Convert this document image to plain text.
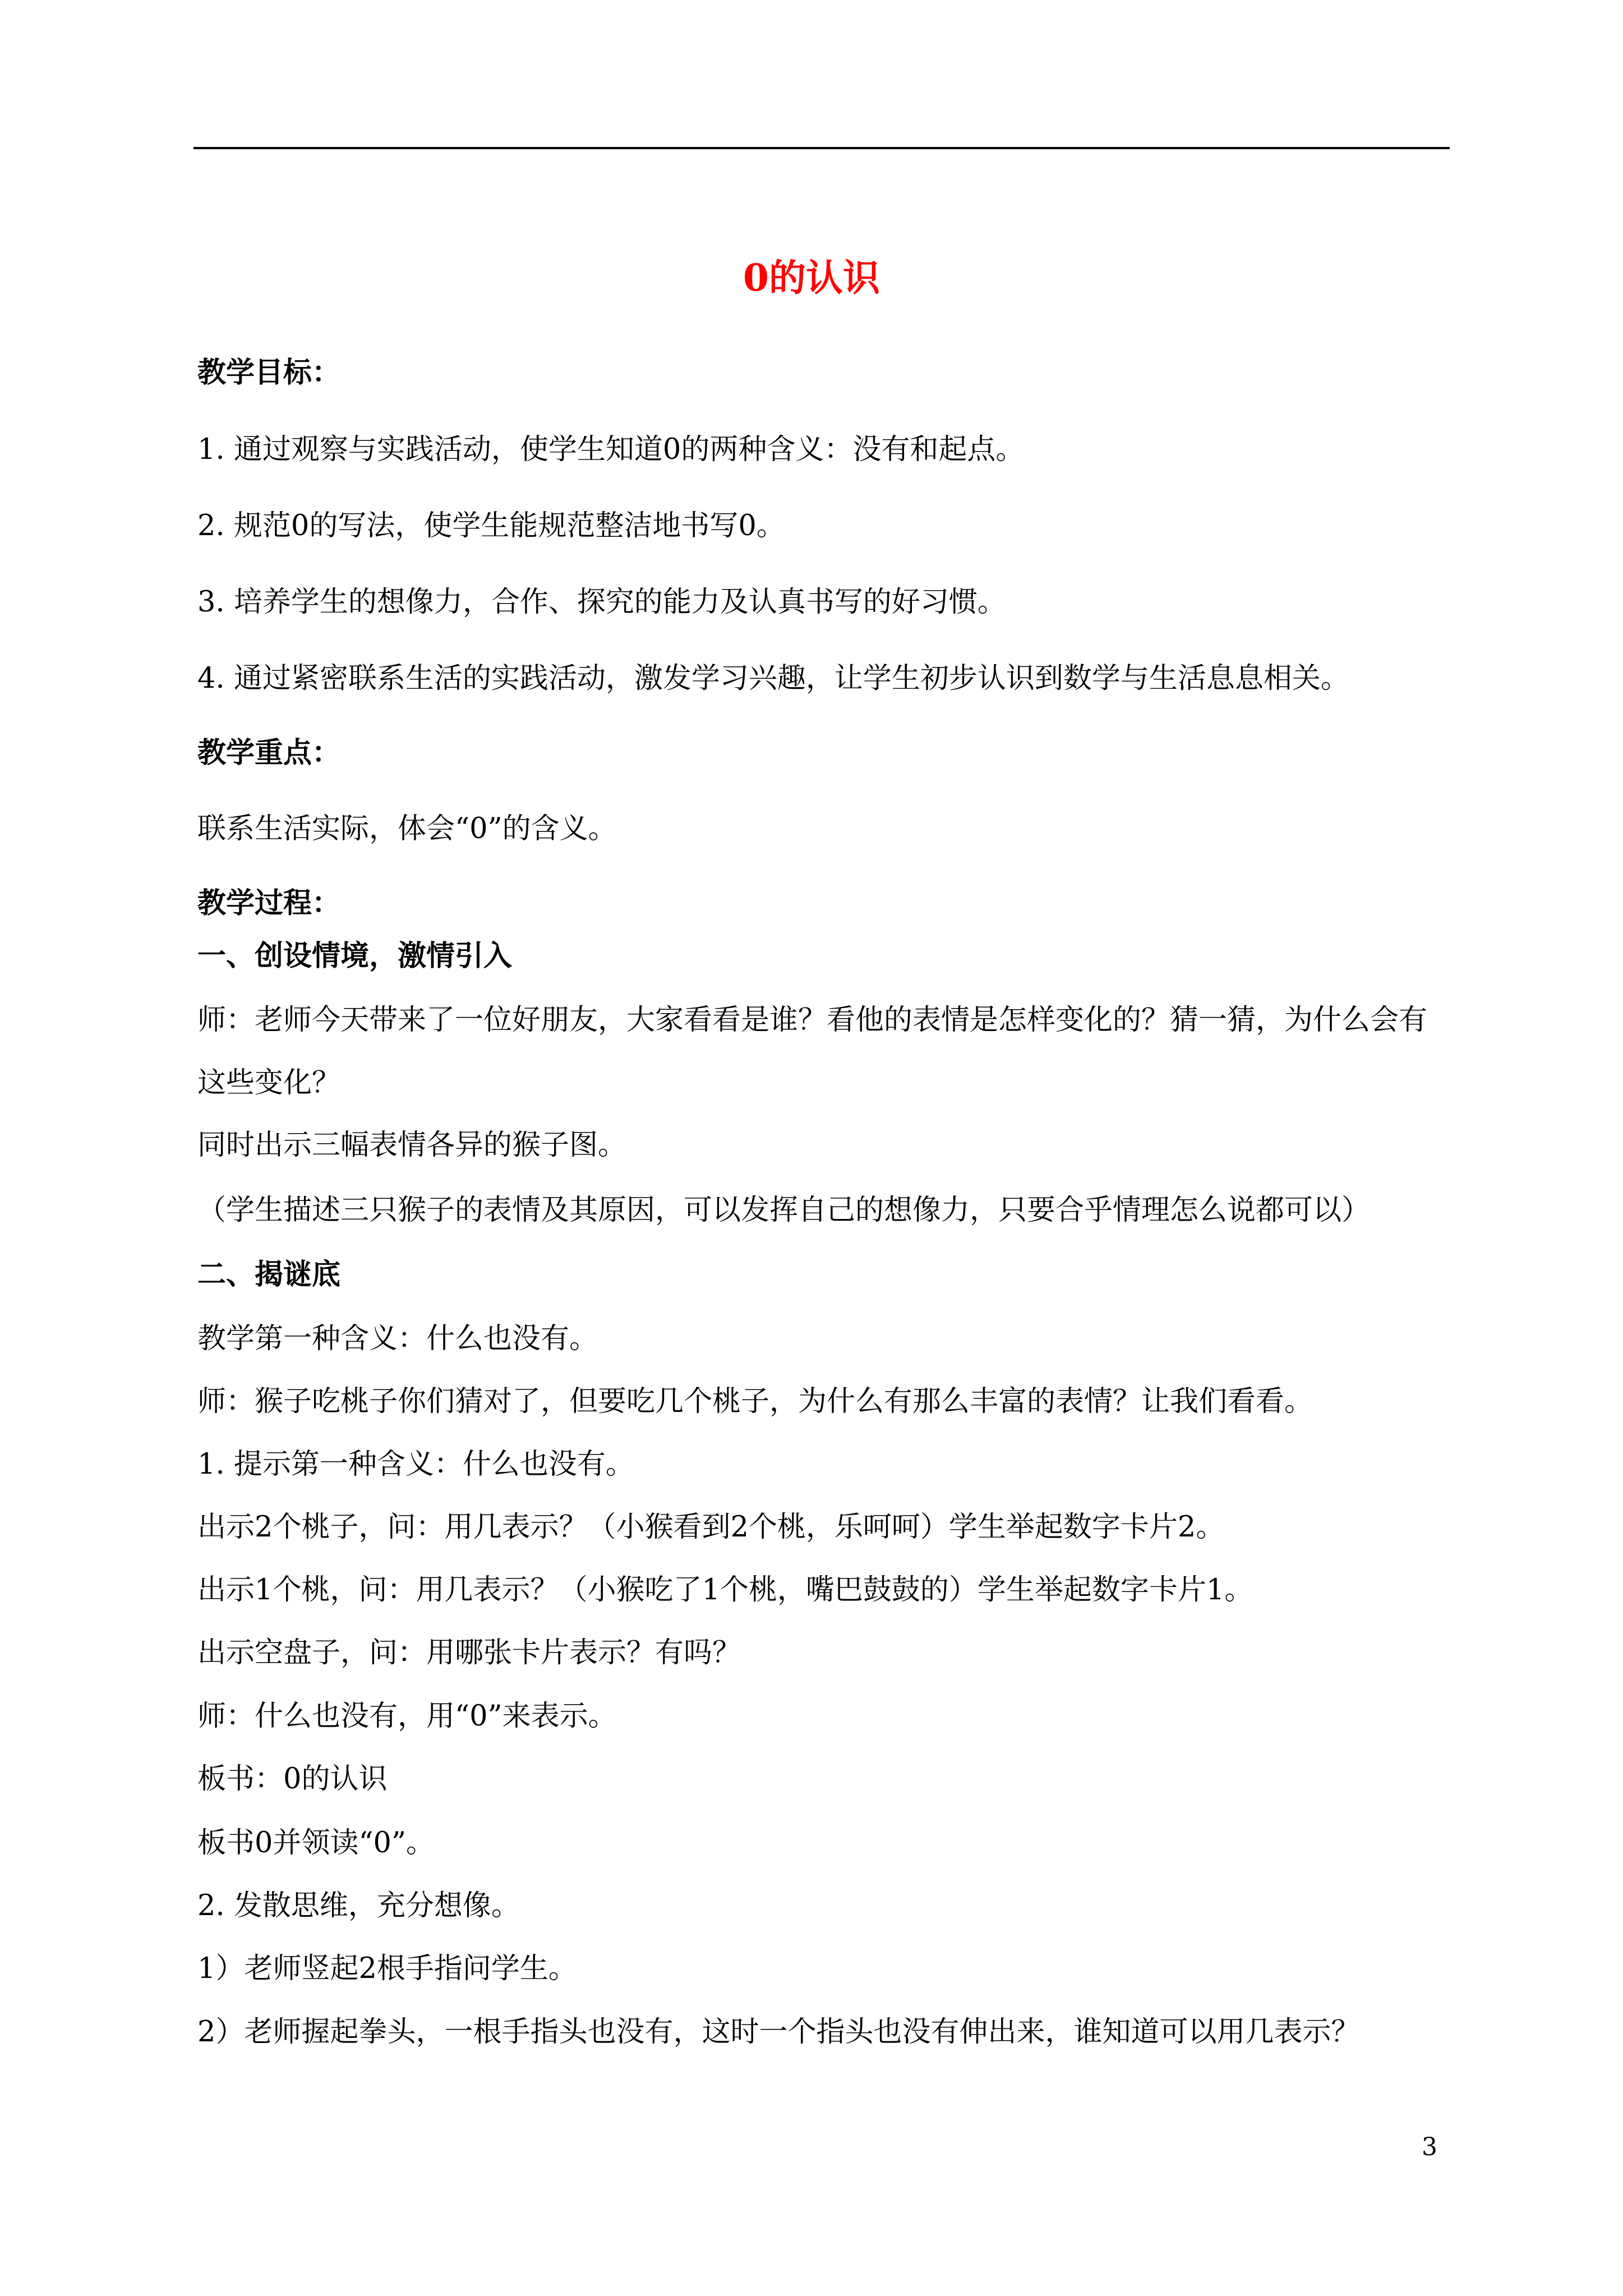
0的认识
教学目标：
1. 通过观察与实践活动，使学生知道0的两种含义：没有和起点。
2. 规范0的写法，使学生能规范整洁地书写0。
3. 培养学生的想像力，合作、探究的能力及认真书写的好习惯。
4. 通过紧密联系生活的实践活动，激发学习兴趣，让学生初步认识到数学与生活息息相关。
教学重点：
联系生活实际，体会“0”的含义。
教学过程：
一、创设情境，激情引入
师：老师今天带来了一位好朋友，大家看看是谁？看他的表情是怎样变化的？猜一猜，为什么会有
这些变化？
同时出示三幅表情各异的猴子图。
（学生描述三只猴子的表情及其原因，可以发挥自己的想像力，只要合乎情理怎么说都可以）
二、揭谜底
教学第一种含义：什么也没有。
师：猴子吃桃子你们猜对了，但要吃几个桃子，为什么有那么丰富的表情？让我们看看。
1. 提示第一种含义：什么也没有。
出示2个桃子，问：用几表示？（小猴看到2个桃，乐呵呵）学生举起数字卡片2。
出示1个桃，问：用几表示？（小猴吃了1个桃，嘴巴鼓鼓的）学生举起数字卡片1。
出示空盘子，问：用哪张卡片表示？有吗？
师：什么也没有，用“0”来表示。
板书：0的认识
板书0并领读“0”。
2. 发散思维，充分想像。
1）老师竖起2根手指问学生。
2）老师握起拳头，一根手指头也没有，这时一个指头也没有伸出来，谁知道可以用几表示？
3
